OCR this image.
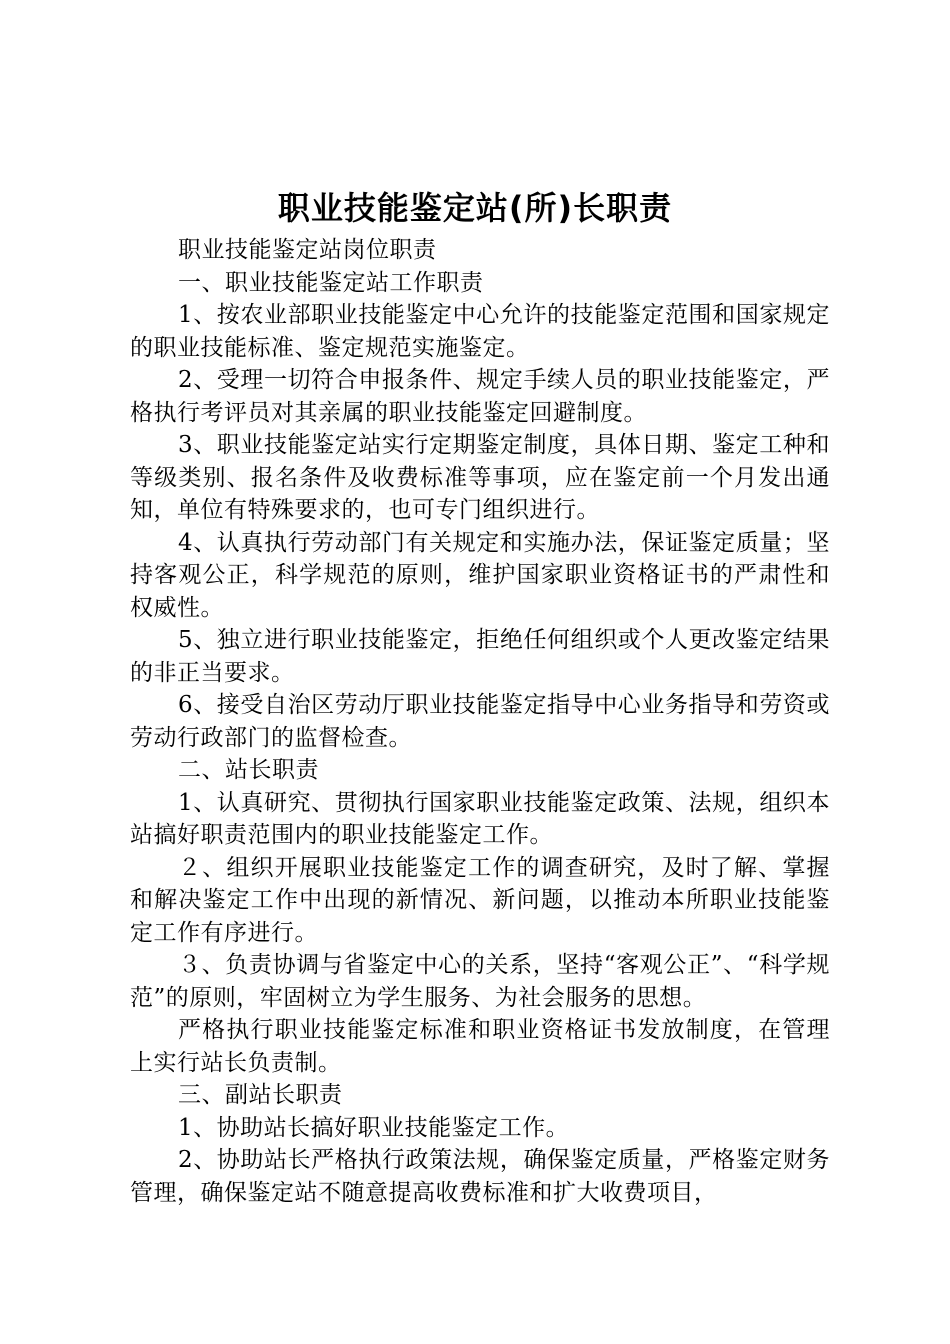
职业技能鉴定站(所)长职责

职业技能鉴定站岗位职责

一、职业技能鉴定站工作职责

1、按农业部职业技能鉴定中心允许的技能鉴定范围和国家规定的职业技能标准、鉴定规范实施鉴定。

2、受理一切符合申报条件、规定手续人员的职业技能鉴定，严格执行考评员对其亲属的职业技能鉴定回避制度。

3、职业技能鉴定站实行定期鉴定制度，具体日期、鉴定工种和等级类别、报名条件及收费标准等事项，应在鉴定前一个月发出通知，单位有特殊要求的，也可专门组织进行。

4、认真执行劳动部门有关规定和实施办法，保证鉴定质量；坚持客观公正，科学规范的原则，维护国家职业资格证书的严肃性和权威性。

5、独立进行职业技能鉴定，拒绝任何组织或个人更改鉴定结果的非正当要求。

6、接受自治区劳动厅职业技能鉴定指导中心业务指导和劳资或劳动行政部门的监督检查。

二、站长职责

1、认真研究、贯彻执行国家职业技能鉴定政策、法规，组织本站搞好职责范围内的职业技能鉴定工作。

２、组织开展职业技能鉴定工作的调查研究，及时了解、掌握和解决鉴定工作中出现的新情况、新问题，以推动本所职业技能鉴定工作有序进行。

３、负责协调与省鉴定中心的关系，坚持“客观公正”、“科学规范”的原则，牢固树立为学生服务、为社会服务的思想。

严格执行职业技能鉴定标准和职业资格证书发放制度，在管理上实行站长负责制。

三、副站长职责

1、协助站长搞好职业技能鉴定工作。

2、协助站长严格执行政策法规，确保鉴定质量，严格鉴定财务管理，确保鉴定站不随意提高收费标准和扩大收费项目，
